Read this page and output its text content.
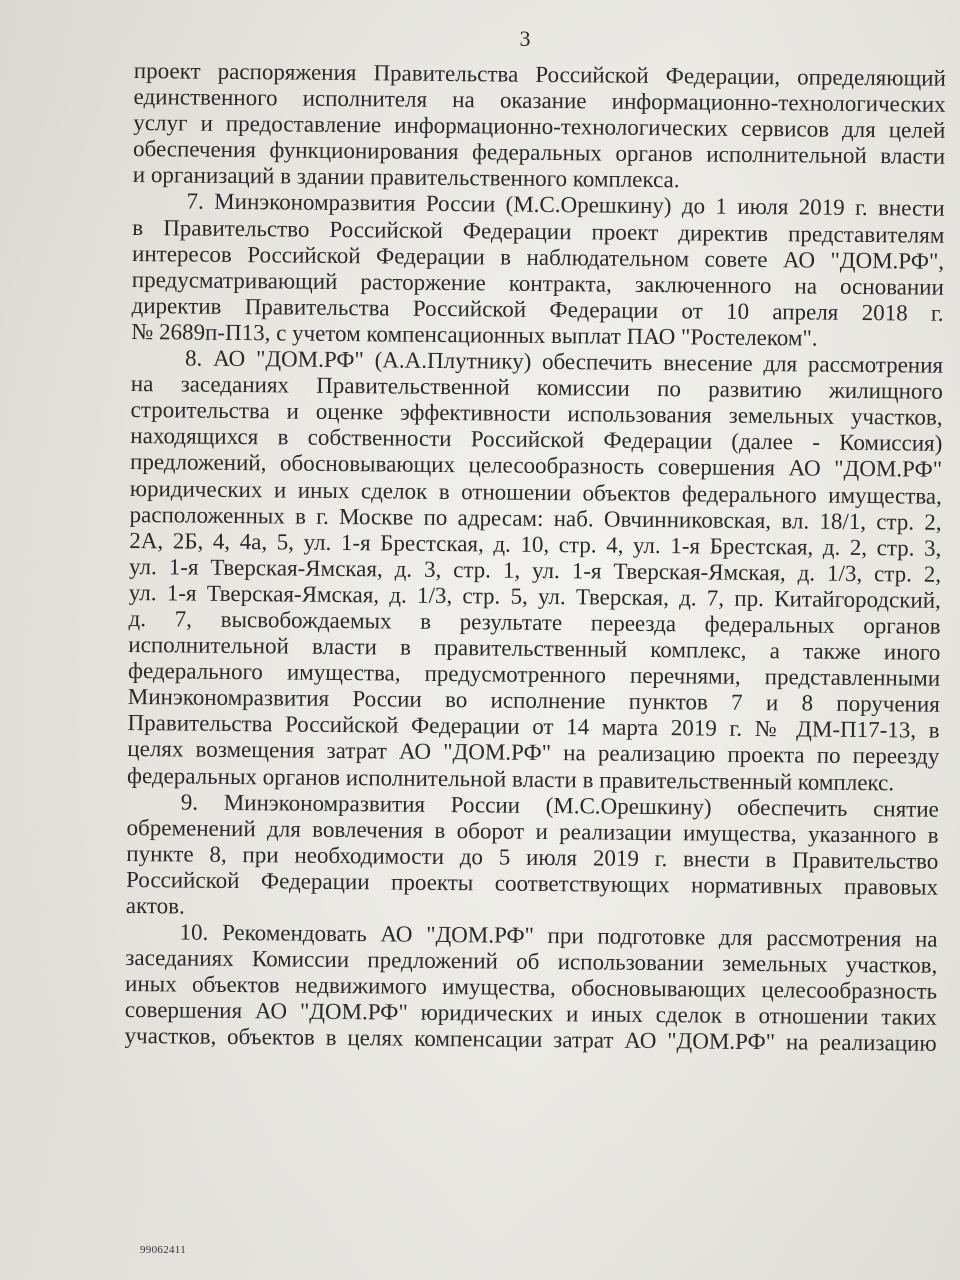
3
проект распоряжения Правительства Российской Федерации, определяющий
единственного исполнителя на оказание информационно-технологических
услуг и предоставление информационно-технологических сервисов для целей
обеспечения функционирования федеральных органов исполнительной власти
и организаций в здании правительственного комплекса.
7. Минэкономразвития России (М.С.Орешкину) до 1 июля 2019 г. внести
в Правительство Российской Федерации проект директив представителям
интересов Российской Федерации в наблюдательном совете АО "ДОМ.РФ",
предусматривающий расторжение контракта, заключенного на основании
директив Правительства Российской Федерации от 10 апреля 2018 г.
№ 2689п-П13, с учетом компенсационных выплат ПАО "Ростелеком".
8. АО "ДОМ.РФ" (А.А.Плутнику) обеспечить внесение для рассмотрения
на заседаниях Правительственной комиссии по развитию жилищного
строительства и оценке эффективности использования земельных участков,
находящихся в собственности Российской Федерации (далее - Комиссия)
предложений, обосновывающих целесообразность совершения АО "ДОМ.РФ"
юридических и иных сделок в отношении объектов федерального имущества,
расположенных в г. Москве по адресам: наб. Овчинниковская, вл. 18/1, стр. 2,
2А, 2Б, 4, 4а, 5, ул. 1-я Брестская, д. 10, стр. 4, ул. 1-я Брестская, д. 2, стр. 3,
ул. 1-я Тверская-Ямская, д. 3, стр. 1, ул. 1-я Тверская-Ямская, д. 1/3, стр. 2,
ул. 1-я Тверская-Ямская, д. 1/3, стр. 5, ул. Тверская, д. 7, пр. Китайгородский,
д. 7, высвобождаемых в результате переезда федеральных органов
исполнительной власти в правительственный комплекс, а также иного
федерального имущества, предусмотренного перечнями, представленными
Минэкономразвития России во исполнение пунктов 7 и 8 поручения
Правительства Российской Федерации от 14 марта 2019 г. № ДМ-П17-13, в
целях возмещения затрат АО "ДОМ.РФ" на реализацию проекта по переезду
федеральных органов исполнительной власти в правительственный комплекс.
9. Минэкономразвития России (М.С.Орешкину) обеспечить снятие
обременений для вовлечения в оборот и реализации имущества, указанного в
пункте 8, при необходимости до 5 июля 2019 г. внести в Правительство
Российской Федерации проекты соответствующих нормативных правовых
актов.
10. Рекомендовать АО "ДОМ.РФ" при подготовке для рассмотрения на
заседаниях Комиссии предложений об использовании земельных участков,
иных объектов недвижимого имущества, обосновывающих целесообразность
совершения АО "ДОМ.РФ" юридических и иных сделок в отношении таких
участков, объектов в целях компенсации затрат АО "ДОМ.РФ" на реализацию
99062411
